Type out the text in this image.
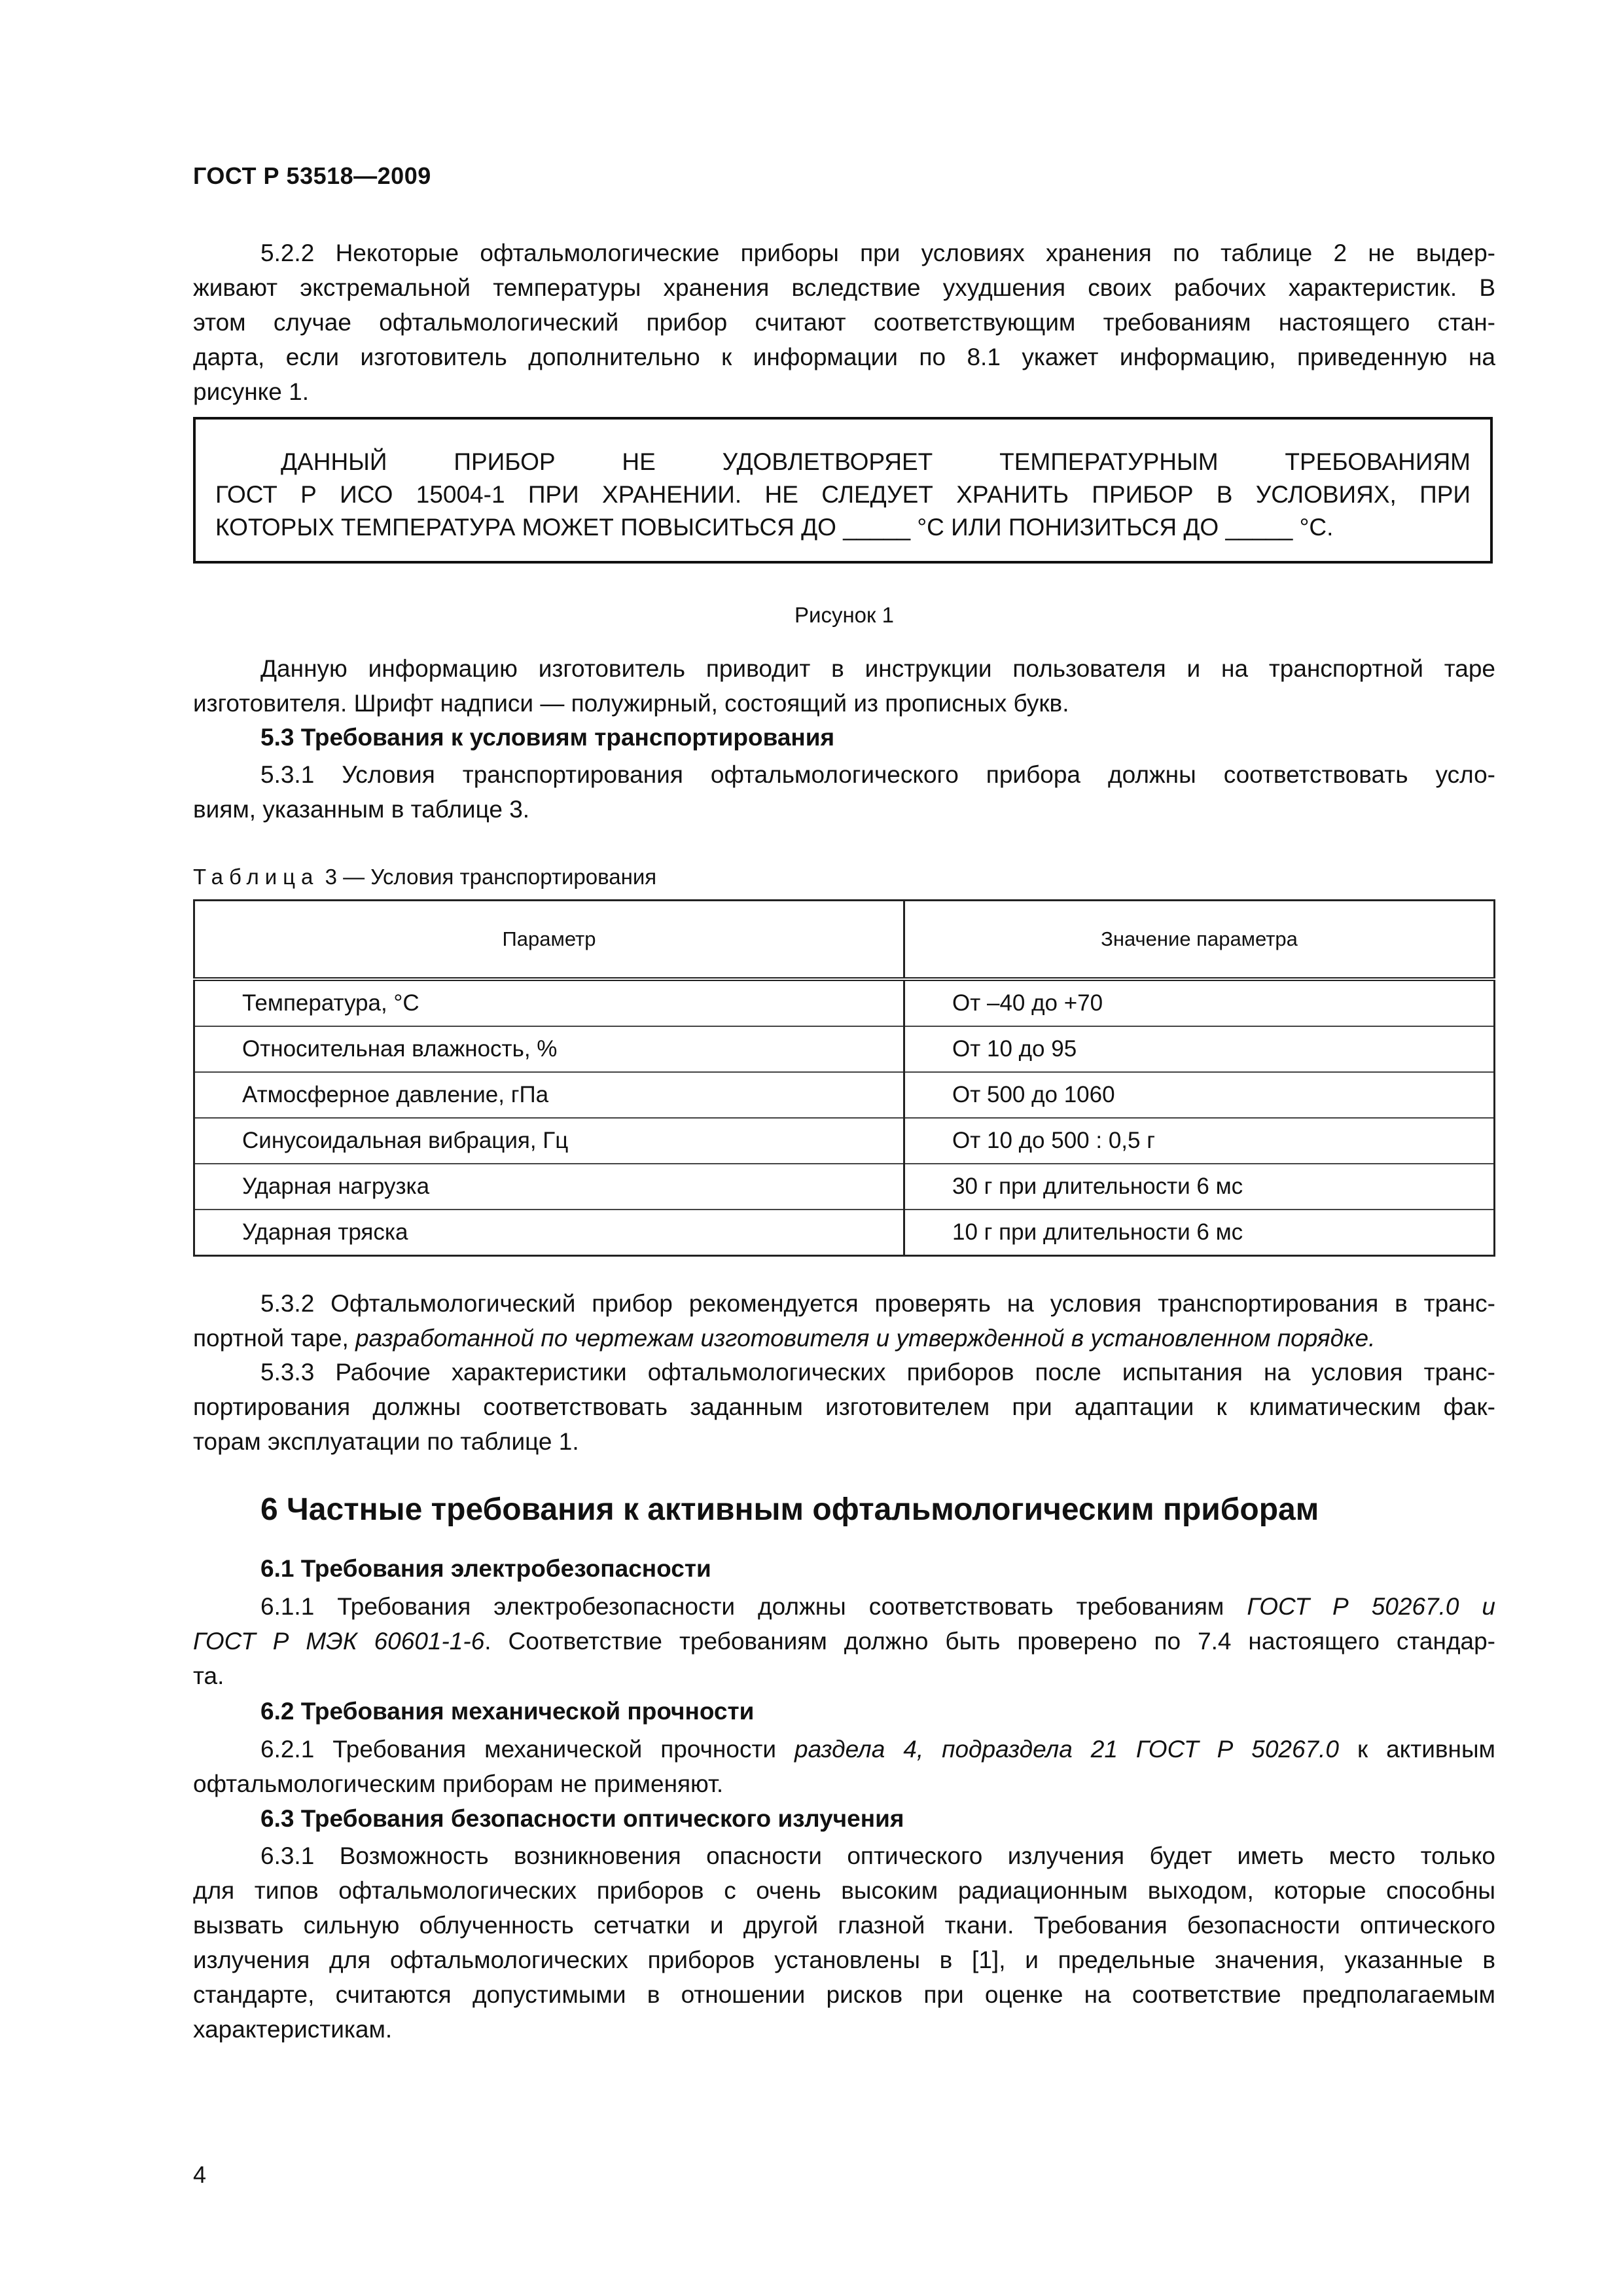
ГОСТ Р 53518—2009
5.2.2 Некоторые офтальмологические приборы при условиях хранения по таблице 2 не выдер-
живают экстремальной температуры хранения вследствие ухудшения своих рабочих характеристик. В
этом случае офтальмологический прибор считают соответствующим требованиям настоящего стан-
дарта, если изготовитель дополнительно к информации по 8.1 укажет информацию, приведенную на
рисунке 1.
ДАННЫЙ ПРИБОР НЕ УДОВЛЕТВОРЯЕТ ТЕМПЕРАТУРНЫМ ТРЕБОВАНИЯМ
ГОСТ Р ИСО 15004-1 ПРИ ХРАНЕНИИ. НЕ СЛЕДУЕТ ХРАНИТЬ ПРИБОР В УСЛОВИЯХ, ПРИ
КОТОРЫХ ТЕМПЕРАТУРА МОЖЕТ ПОВЫСИТЬСЯ ДО _____ °С ИЛИ ПОНИЗИТЬСЯ ДО _____ °С.
Рисунок 1
Данную информацию изготовитель приводит в инструкции пользователя и на транспортной таре
изготовителя. Шрифт надписи — полужирный, состоящий из прописных букв.
5.3 Требования к условиям транспортирования
5.3.1 Условия транспортирования офтальмологического прибора должны соответствовать усло-
виям, указанным в таблице 3.
Таблица 3 — Условия транспортирования
Параметр	Значение параметра
Температура, °С	От –40 до +70
Относительная влажность, %	От 10 до 95
Атмосферное давление, гПа	От 500 до 1060
Синусоидальная вибрация, Гц	От 10 до 500 : 0,5 г
Ударная нагрузка	30 г при длительности 6 мс
Ударная тряска	10 г при длительности 6 мс
5.3.2 Офтальмологический прибор рекомендуется проверять на условия транспортирования в транс-
портной таре, разработанной по чертежам изготовителя и утвержденной в установленном порядке.
5.3.3 Рабочие характеристики офтальмологических приборов после испытания на условия транс-
портирования должны соответствовать заданным изготовителем при адаптации к климатическим фак-
торам эксплуатации по таблице 1.
6 Частные требования к активным офтальмологическим приборам
6.1 Требования электробезопасности
6.1.1 Требования электробезопасности должны соответствовать требованиям ГОСТ Р 50267.0 и
ГОСТ Р МЭК 60601-1-6. Соответствие требованиям должно быть проверено по 7.4 настоящего стандар-
та.
6.2 Требования механической прочности
6.2.1 Требования механической прочности раздела 4, подраздела 21 ГОСТ Р 50267.0 к активным
офтальмологическим приборам не применяют.
6.3 Требования безопасности оптического излучения
6.3.1 Возможность возникновения опасности оптического излучения будет иметь место только
для типов офтальмологических приборов с очень высоким радиационным выходом, которые способны
вызвать сильную облученность сетчатки и другой глазной ткани. Требования безопасности оптического
излучения для офтальмологических приборов установлены в [1], и предельные значения, указанные в
стандарте, считаются допустимыми в отношении рисков при оценке на соответствие предполагаемым
характеристикам.
4
